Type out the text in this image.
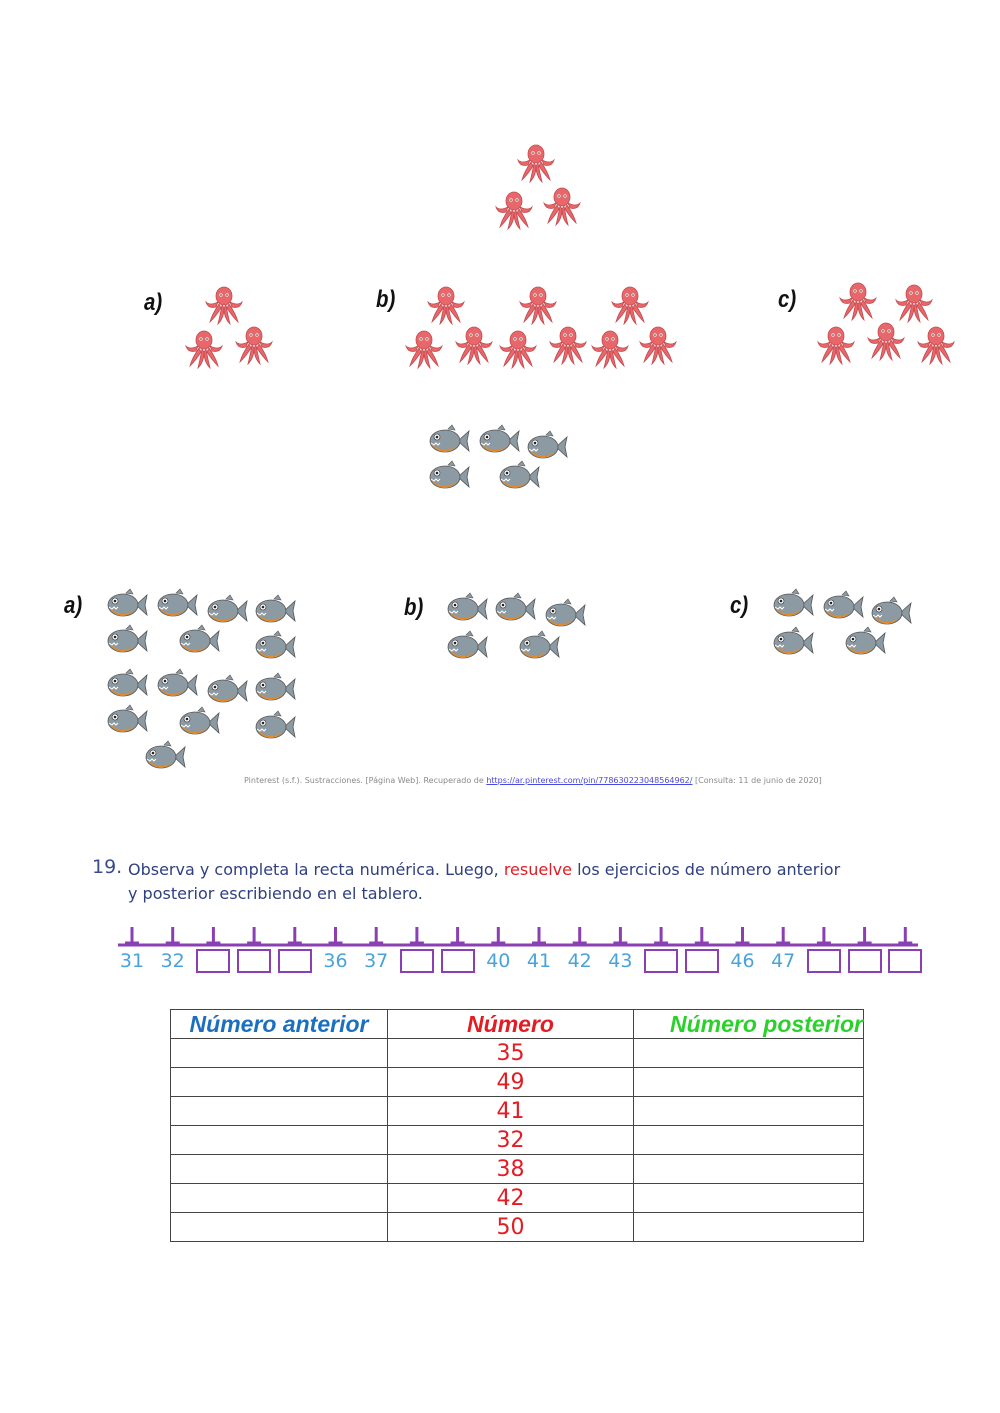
a)	b)	c)
a)	b)	c)
Pinterest (s.f.). Sustracciones. [Página Web]. Recuperado de https://ar.pinterest.com/pin/778630223048564962/ [Consulta: 11 de junio de 2020]
19. Observa y completa la recta numérica. Luego, resuelve los ejercicios de número anterior
y posterior escribiendo en el tablero.
31 32	36 37	40 41 42 43	46 47
Número anterior	Número	Número posterior
	35	
	49	
	41	
	32	
	38	
	42	
	50	
